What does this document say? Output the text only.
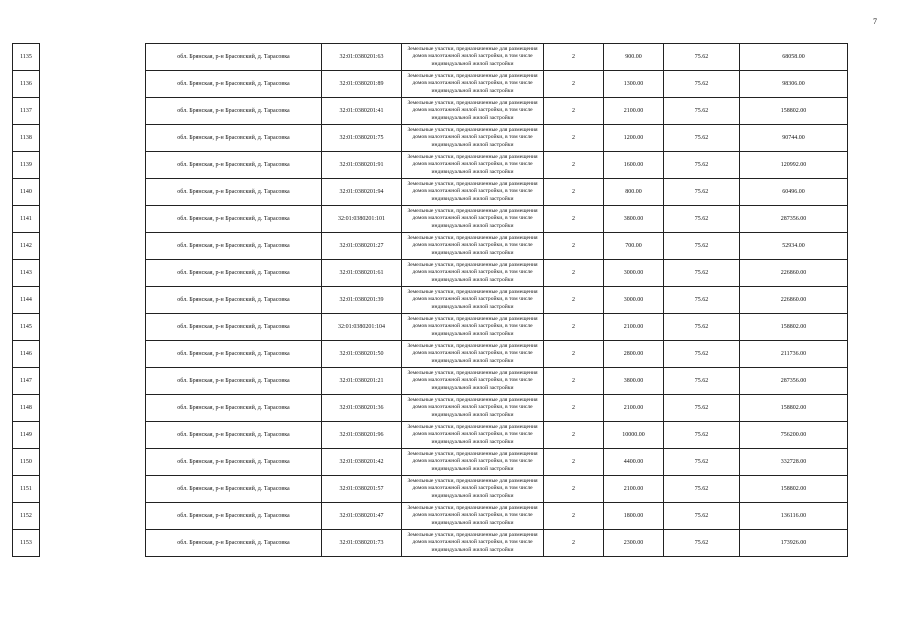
7
1135		обл. Брянская, р-н Брасовский, д. Тарасовка	32:01:0380201:63	Земельные участки, предназначенные для размещения домов малоэтажной жилой застройки, в том числе индивидуальной жилой застройки	2	900.00	75.62	68058.00
1136		обл. Брянская, р-н Брасовский, д. Тарасовка	32:01:0380201:89	Земельные участки, предназначенные для размещения домов малоэтажной жилой застройки, в том числе индивидуальной жилой застройки	2	1300.00	75.62	98306.00
1137		обл. Брянская, р-н Брасовский, д. Тарасовка	32:01:0380201:41	Земельные участки, предназначенные для размещения домов малоэтажной жилой застройки, в том числе индивидуальной жилой застройки	2	2100.00	75.62	158802.00
1138		обл. Брянская, р-н Брасовский, д. Тарасовка	32:01:0380201:75	Земельные участки, предназначенные для размещения домов малоэтажной жилой застройки, в том числе индивидуальной жилой застройки	2	1200.00	75.62	90744.00
1139		обл. Брянская, р-н Брасовский, д. Тарасовка	32:01:0380201:91	Земельные участки, предназначенные для размещения домов малоэтажной жилой застройки, в том числе индивидуальной жилой застройки	2	1600.00	75.62	120992.00
1140		обл. Брянская, р-н Брасовский, д. Тарасовка	32:01:0380201:94	Земельные участки, предназначенные для размещения домов малоэтажной жилой застройки, в том числе индивидуальной жилой застройки	2	800.00	75.62	60496.00
1141		обл. Брянская, р-н Брасовский, д. Тарасовка	32:01:0380201:101	Земельные участки, предназначенные для размещения домов малоэтажной жилой застройки, в том числе индивидуальной жилой застройки	2	3800.00	75.62	287356.00
1142		обл. Брянская, р-н Брасовский, д. Тарасовка	32:01:0380201:27	Земельные участки, предназначенные для размещения домов малоэтажной жилой застройки, в том числе индивидуальной жилой застройки	2	700.00	75.62	52934.00
1143		обл. Брянская, р-н Брасовский, д. Тарасовка	32:01:0380201:61	Земельные участки, предназначенные для размещения домов малоэтажной жилой застройки, в том числе индивидуальной жилой застройки	2	3000.00	75.62	226860.00
1144		обл. Брянская, р-н Брасовский, д. Тарасовка	32:01:0380201:39	Земельные участки, предназначенные для размещения домов малоэтажной жилой застройки, в том числе индивидуальной жилой застройки	2	3000.00	75.62	226860.00
1145		обл. Брянская, р-н Брасовский, д. Тарасовка	32:01:0380201:104	Земельные участки, предназначенные для размещения домов малоэтажной жилой застройки, в том числе индивидуальной жилой застройки	2	2100.00	75.62	158802.00
1146		обл. Брянская, р-н Брасовский, д. Тарасовка	32:01:0380201:50	Земельные участки, предназначенные для размещения домов малоэтажной жилой застройки, в том числе индивидуальной жилой застройки	2	2800.00	75.62	211736.00
1147		обл. Брянская, р-н Брасовский, д. Тарасовка	32:01:0380201:21	Земельные участки, предназначенные для размещения домов малоэтажной жилой застройки, в том числе индивидуальной жилой застройки	2	3800.00	75.62	287356.00
1148		обл. Брянская, р-н Брасовский, д. Тарасовка	32:01:0380201:36	Земельные участки, предназначенные для размещения домов малоэтажной жилой застройки, в том числе индивидуальной жилой застройки	2	2100.00	75.62	158802.00
1149		обл. Брянская, р-н Брасовский, д. Тарасовка	32:01:0380201:96	Земельные участки, предназначенные для размещения домов малоэтажной жилой застройки, в том числе индивидуальной жилой застройки	2	10000.00	75.62	756200.00
1150		обл. Брянская, р-н Брасовский, д. Тарасовка	32:01:0380201:42	Земельные участки, предназначенные для размещения домов малоэтажной жилой застройки, в том числе индивидуальной жилой застройки	2	4400.00	75.62	332728.00
1151		обл. Брянская, р-н Брасовский, д. Тарасовка	32:01:0380201:57	Земельные участки, предназначенные для размещения домов малоэтажной жилой застройки, в том числе индивидуальной жилой застройки	2	2100.00	75.62	158802.00
1152		обл. Брянская, р-н Брасовский, д. Тарасовка	32:01:0380201:47	Земельные участки, предназначенные для размещения домов малоэтажной жилой застройки, в том числе индивидуальной жилой застройки	2	1800.00	75.62	136116.00
1153		обл. Брянская, р-н Брасовский, д. Тарасовка	32:01:0380201:73	Земельные участки, предназначенные для размещения домов малоэтажной жилой застройки, в том числе индивидуальной жилой застройки	2	2300.00	75.62	173926.00
